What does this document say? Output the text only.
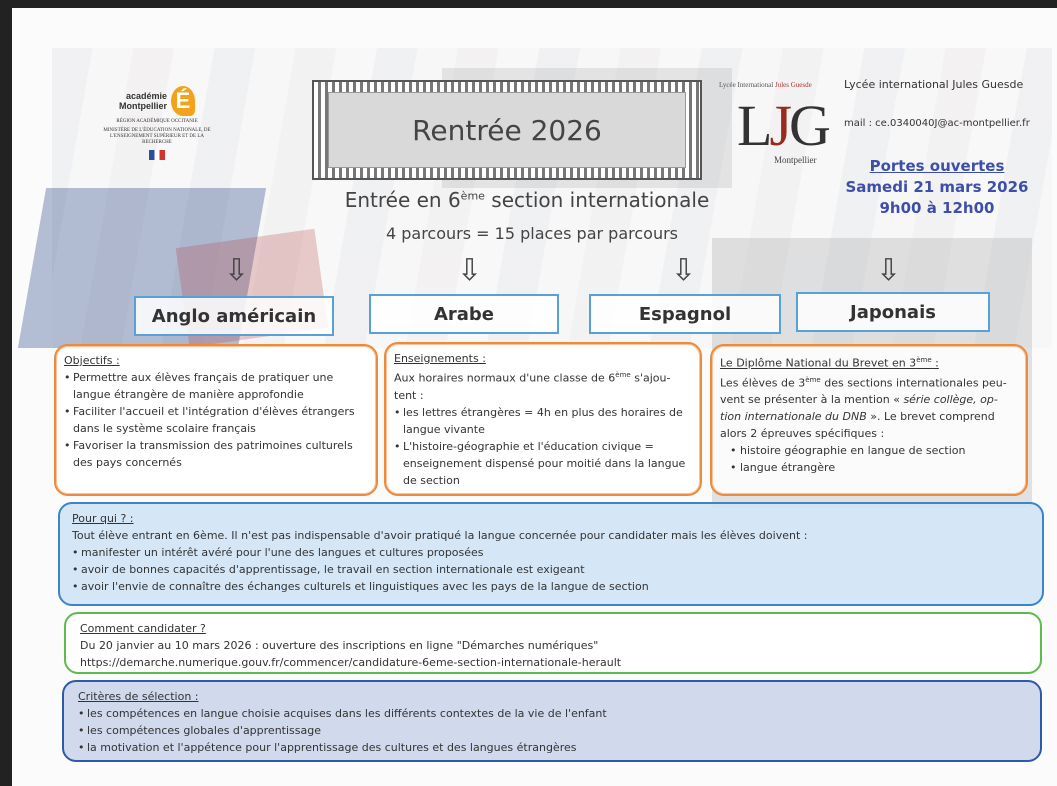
académie
Montpellier É
RÉGION ACADÉMIQUE OCCITANIE
MINISTÈRE DE L'ÉDUCATION NATIONALE, DE L'ENSEIGNEMENT SUPÉRIEUR ET DE LA RECHERCHE	Rentrée 2026
Lycée International Jules Guesde
LJG
Montpellier
Lycée international Jules Guesde
mail : ce.0340040J@ac-montpellier.fr
Portes ouvertes
Samedi 21 mars 2026
9h00 à 12h00
Entrée en 6ème section internationale
4 parcours = 15 places par parcours
⇩	⇩	⇩	⇩
Anglo américain	Arabe	Espagnol	Japonais
Objectifs :
• Permettre aux élèves français de pratiquer une langue étrangère de manière approfondie
• Faciliter l'accueil et l'intégration d'élèves étrangers dans le système scolaire français
• Favoriser la transmission des patrimoines culturels des pays concernés
Enseignements :
Aux horaires normaux d'une classe de 6ème s'ajou-tent :
• les lettres étrangères = 4h en plus des horaires de langue vivante
• L'histoire-géographie et l'éducation civique = enseignement dispensé pour moitié dans la langue de section
Le Diplôme National du Brevet en 3ème :
Les élèves de 3ème des sections internationales peu-vent se présenter à la mention « série collège, op-tion internationale du DNB ». Le brevet comprend alors 2 épreuves spécifiques :
• histoire géographie en langue de section
• langue étrangère
Pour qui ? :
Tout élève entrant en 6ème. Il n'est pas indispensable d'avoir pratiqué la langue concernée pour candidater mais les élèves doivent :
• manifester un intérêt avéré pour l'une des langues et cultures proposées
• avoir de bonnes capacités d'apprentissage, le travail en section internationale est exigeant
• avoir l'envie de connaître des échanges culturels et linguistiques avec les pays de la langue de section
Comment candidater ?
Du 20 janvier au 10 mars 2026 : ouverture des inscriptions en ligne "Démarches numériques"
https://demarche.numerique.gouv.fr/commencer/candidature-6eme-section-internationale-herault
Critères de sélection :
• les compétences en langue choisie acquises dans les différents contextes de la vie de l'enfant
• les compétences globales d'apprentissage
• la motivation et l'appétence pour l'apprentissage des cultures et des langues étrangères
